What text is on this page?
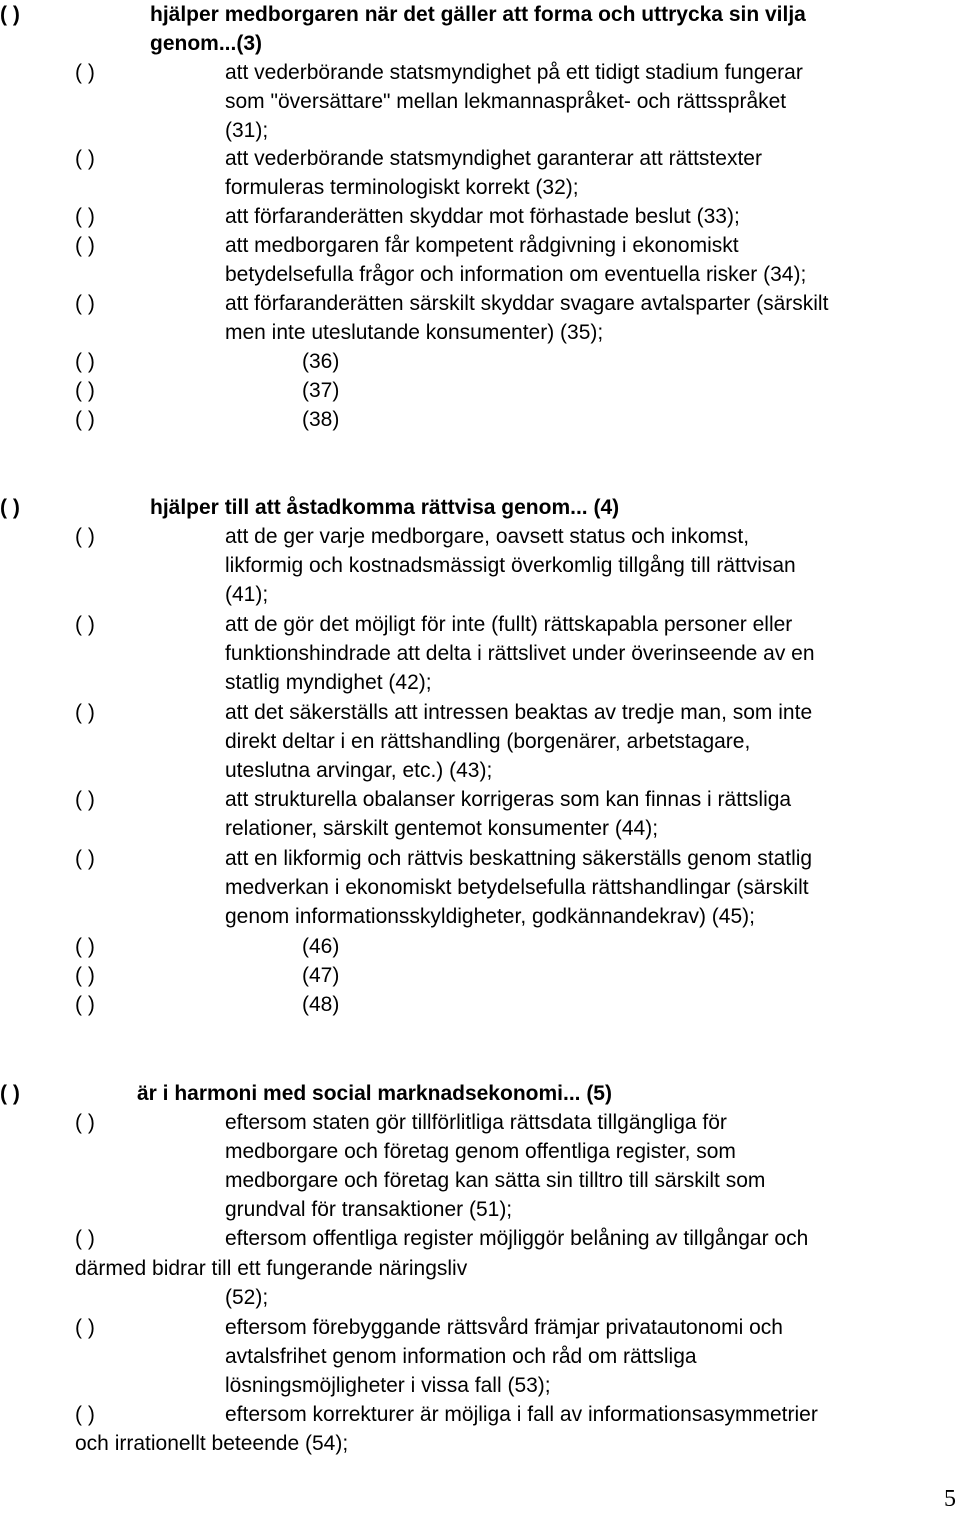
( )	hjälper medborgaren när det gäller att forma och uttrycka sin vilja
genom...(3)
( )	att vederbörande statsmyndighet på ett tidigt stadium fungerar
som "översättare" mellan lekmannaspråket- och rättsspråket
(31);
( )	att vederbörande statsmyndighet garanterar att rättstexter
formuleras terminologiskt korrekt (32);
( )	att förfaranderätten skyddar mot förhastade beslut (33);
( )	att medborgaren får kompetent rådgivning i ekonomiskt
betydelsefulla frågor och information om eventuella risker (34);
( )	att förfaranderätten särskilt skyddar svagare avtalsparter (särskilt
men inte uteslutande konsumenter) (35);
( )	(36)
( )	(37)
( )	(38)
( )	hjälper till att åstadkomma rättvisa genom... (4)
( )	att de ger varje medborgare, oavsett status och inkomst,
likformig och kostnadsmässigt överkomlig tillgång till rättvisan
(41);
( )	att de gör det möjligt för inte (fullt) rättskapabla personer eller
funktionshindrade att delta i rättslivet under överinseende av en
statlig myndighet (42);
( )	att det säkerställs att intressen beaktas av tredje man, som inte
direkt deltar i en rättshandling (borgenärer, arbetstagare,
uteslutna arvingar, etc.) (43);
( )	att strukturella obalanser korrigeras som kan finnas i rättsliga
relationer, särskilt gentemot konsumenter (44);
( )	att en likformig och rättvis beskattning säkerställs genom statlig
medverkan i ekonomiskt betydelsefulla rättshandlingar (särskilt
genom informationsskyldigheter, godkännandekrav) (45);
( )	(46)
( )	(47)
( )	(48)
( )	är i harmoni med social marknadsekonomi... (5)
( )	eftersom staten gör tillförlitliga rättsdata tillgängliga för
medborgare och företag genom offentliga register, som
medborgare och företag kan sätta sin tilltro till särskilt som
grundval för transaktioner (51);
( )	eftersom offentliga register möjliggör belåning av tillgångar och
därmed bidrar till ett fungerande näringsliv
(52);
( )	eftersom förebyggande rättsvård främjar privatautonomi och
avtalsfrihet genom information och råd om rättsliga
lösningsmöjligheter i vissa fall (53);
( )	eftersom korrekturer är möjliga i fall av informationsasymmetrier
och irrationellt beteende (54);
5
